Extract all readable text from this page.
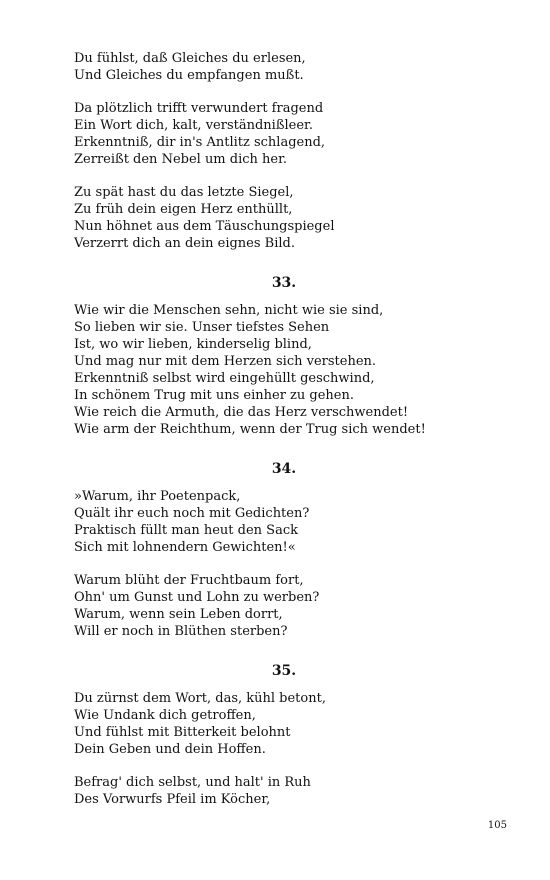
Du fühlst, daß Gleiches du erlesen,
Und Gleiches du empfangen mußt.
Da plötzlich trifft verwundert fragend
Ein Wort dich, kalt, verständnißleer.
Erkenntniß, dir in's Antlitz schlagend,
Zerreißt den Nebel um dich her.
Zu spät hast du das letzte Siegel,
Zu früh dein eigen Herz enthüllt,
Nun höhnet aus dem Täuschungspiegel
Verzerrt dich an dein eignes Bild.
33.
Wie wir die Menschen sehn, nicht wie sie sind,
So lieben wir sie. Unser tiefstes Sehen
Ist, wo wir lieben, kinderselig blind,
Und mag nur mit dem Herzen sich verstehen.
Erkenntniß selbst wird eingehüllt geschwind,
In schönem Trug mit uns einher zu gehen.
Wie reich die Armuth, die das Herz verschwendet!
Wie arm der Reichthum, wenn der Trug sich wendet!
34.
»Warum, ihr Poetenpack,
Quält ihr euch noch mit Gedichten?
Praktisch füllt man heut den Sack
Sich mit lohnendern Gewichten!«
Warum blüht der Fruchtbaum fort,
Ohn' um Gunst und Lohn zu werben?
Warum, wenn sein Leben dorrt,
Will er noch in Blüthen sterben?
35.
Du zürnst dem Wort, das, kühl betont,
Wie Undank dich getroffen,
Und fühlst mit Bitterkeit belohnt
Dein Geben und dein Hoffen.
Befrag' dich selbst, und halt' in Ruh
Des Vorwurfs Pfeil im Köcher,
105
